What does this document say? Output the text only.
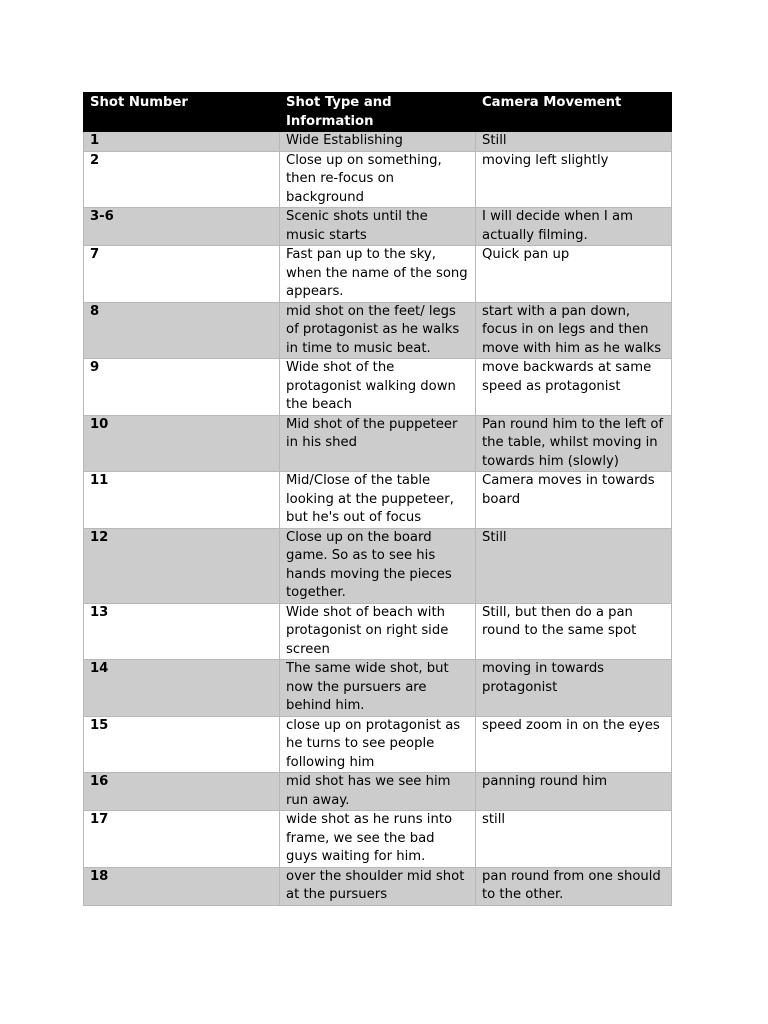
Shot Number	Shot Type and Information	Camera Movement
1	Wide Establishing	Still
2	Close up on something, then re-focus on background	moving left slightly
3-6	Scenic shots until the music starts	I will decide when I am actually filming.
7	Fast pan up to the sky, when the name of the song appears.	Quick pan up
8	mid shot on the feet/ legs of protagonist as he walks in time to music beat.	start with a pan down, focus in on legs and then move with him as he walks
9	Wide shot of the protagonist walking down the beach	move backwards at same speed as protagonist
10	Mid shot of the puppeteer in his shed	Pan round him to the left of the table, whilst moving in towards him (slowly)
11	Mid/Close of the table looking at the puppeteer, but he's out of focus	Camera moves in towards board
12	Close up on the board game. So as to see his hands moving the pieces together.	Still
13	Wide shot of beach with protagonist on right side screen	Still, but then do a pan round to the same spot
14	The same wide shot, but now the pursuers are behind him.	moving in towards protagonist
15	close up on protagonist as he turns to see people following him	speed zoom in on the eyes
16	mid shot has we see him run away.	panning round him
17	wide shot as he runs into frame, we see the bad guys waiting for him.	still
18	over the shoulder mid shot at the pursuers	pan round from one should to the other.
